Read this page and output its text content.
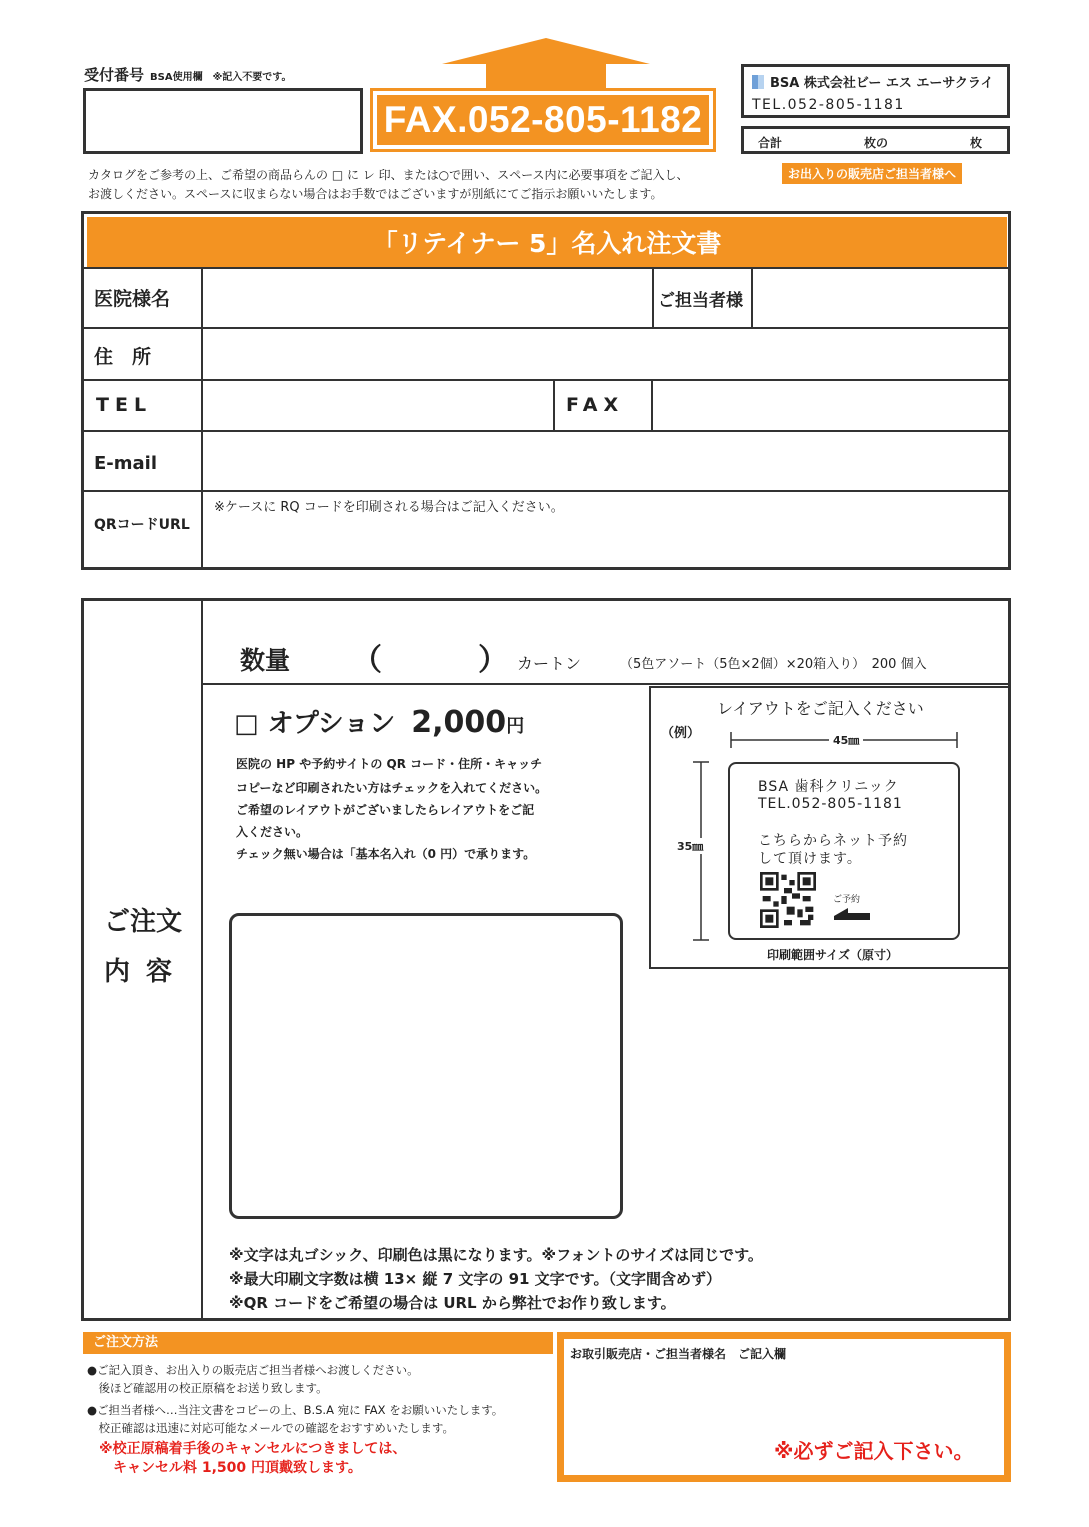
受付番号 BSA使用欄　※記入不要です。
FAX.052-805-1182
BSA 株式会社ビー エス エーサクライ
TEL.052-805-1181
合計	枚の	枚
カタログをご参考の上、ご希望の商品らんの □ に レ 印、または○で囲い、スペース内に必要事項をご記入し、	お出入りの販売店ご担当者様へ
お渡しください。スペースに収まらない場合はお手数ではございますが別紙にてご指示お願いいたします。
「リテイナー 5」名入れ注文書
医院様名	ご担当者様
住　所
TEL	FAX
E-mail
QRコードURL
※ケースに RQ コードを印刷される場合はご記入ください。
ご注文
内容
数量 （	） カートン	（5色アソート（5色×2個）×20箱入り）　200 個入
□ オプション 2,000円
医院の HP や予約サイトの QR コード・住所・キャッチ
コピーなど印刷されたい方はチェックを入れてください。
ご希望のレイアウトがございましたらレイアウトをご記
入ください。
チェック無い場合は「基本名入れ（0 円）で承ります。
レイアウトをご記入ください
（例）	45㎜
35㎜
BSA 歯科クリニック
TEL.052-805-1181
こちらからネット予約
して頂けます。
ご予約
印刷範囲サイズ（原寸）
※文字は丸ゴシック、印刷色は黒になります。※フォントのサイズは同じです。
※最大印刷文字数は横 13× 縦 7 文字の 91 文字です。（文字間含めず）
※QR コードをご希望の場合は URL から弊社でお作り致します。
ご注文方法
●ご記入頂き、お出入りの販売店ご担当者様へお渡しください。
　後ほど確認用の校正原稿をお送り致します。
●ご担当者様へ…当注文書をコピーの上、B.S.A 宛に FAX をお願いいたします。
　校正確認は迅速に対応可能なメールでの確認をおすすめいたします。
※校正原稿着手後のキャンセルにつきましては、
　キャンセル料 1,500 円頂戴致します。
お取引販売店・ご担当者様名　ご記入欄
※必ずご記入下さい。
